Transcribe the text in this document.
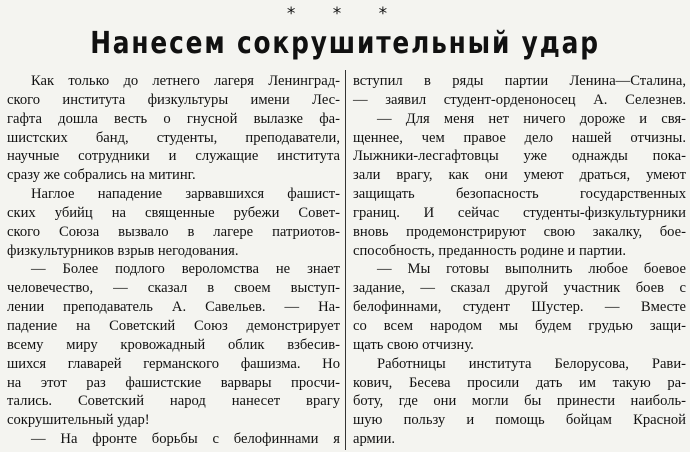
* * *
Нанесем сокрушительный удар
Как только до летнего лагеря Ленинград-
ского института физкультуры имени Лес-
гафта дошла весть о гнусной вылазке фа-
шистских банд, студенты, преподаватели,
научные сотрудники и служащие института
сразу же собрались на митинг.
Наглое нападение зарвавшихся фашист-
ских убийц на священные рубежи Совет-
ского Союза вызвало в лагере патриотов-
физкультурников взрыв негодования.
— Более подлого вероломства не знает
человечество, — сказал в своем выступ-
лении преподаватель А. Савельев. — На-
падение на Советский Союз демонстрирует
всему миру кровожадный облик взбесив-
шихся главарей германского фашизма. Но
на этот раз фашистские варвары просчи-
тались. Советский народ нанесет врагу
сокрушительный удар!
— На фронте борьбы с белофиннами я
вступил в ряды партии Ленина—Сталина,
— заявил студент-орденоносец А. Селезнев.
— Для меня нет ничего дороже и свя-
щеннее, чем правое дело нашей отчизны.
Лыжники-лесгафтовцы уже однажды пока-
зали врагу, как они умеют драться, умеют
защищать безопасность государственных
границ. И сейчас студенты-физкультурники
вновь продемонстрируют свою закалку, бое-
способность, преданность родине и партии.
— Мы готовы выполнить любое боевое
задание, — сказал другой участник боев с
белофиннами, студент Шустер. — Вместе
со всем народом мы будем грудью защи-
щать свою отчизну.
Работницы института Белорусова, Рави-
кович, Бесева просили дать им такую ра-
боту, где они могли бы принести наиболь-
шую пользу и помощь бойцам Красной
армии.
